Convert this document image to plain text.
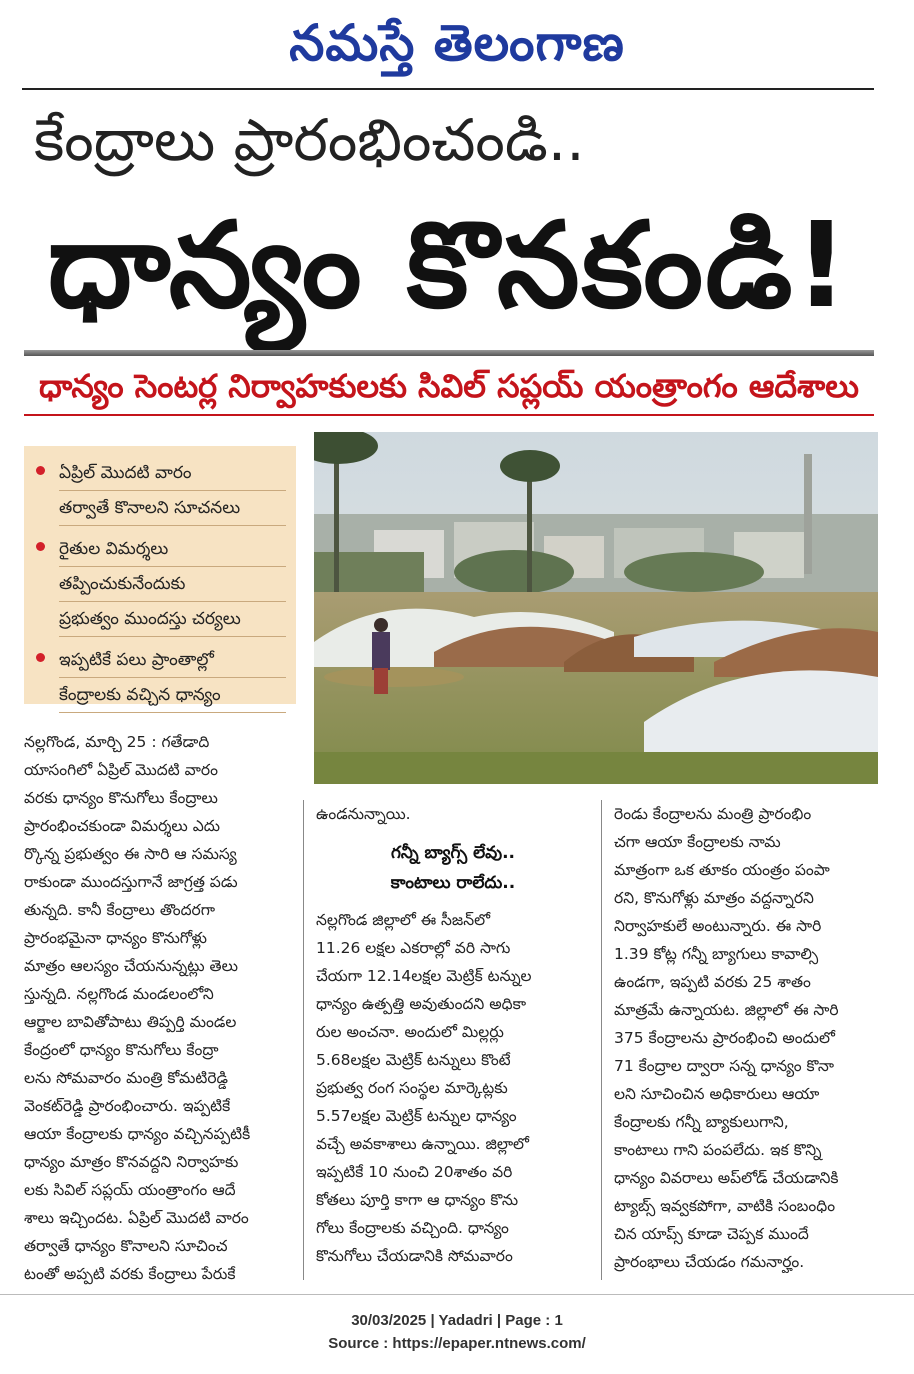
నమస్తే తెలంగాణ
కేంద్రాలు ప్రారంభించండి..
ధాన్యం కొనకండి!
ధాన్యం సెంటర్ల నిర్వాహకులకు సివిల్ సప్లయ్ యంత్రాంగం ఆదేశాలు
ఏప్రిల్ మొదటి వారం
తర్వాతే కొనాలని సూచనలు
రైతుల విమర్శలు
తప్పించుకునేందుకు
ప్రభుత్వం ముందస్తు చర్యలు
ఇప్పటికే పలు ప్రాంతాల్లో
కేంద్రాలకు వచ్చిన ధాన్యం

నల్లగొండ, మార్చి 25 : గతేడాది

యాసంగిలో ఏప్రిల్ మొదటి వారం

వరకు ధాన్యం కొనుగోలు కేంద్రాలు

ప్రారంభించకుండా విమర్శలు ఎదు

ర్కొన్న ప్రభుత్వం ఈ సారి ఆ సమస్య

రాకుండా ముందస్తుగానే జాగ్రత్త పడు

తున్నది. కానీ కేంద్రాలు తొందరగా

ప్రారంభమైనా ధాన్యం కొనుగోళ్లు

మాత్రం ఆలస్యం చేయనున్నట్లు తెలు

స్తున్నది. నల్లగొండ మండలంలోని

ఆర్జాల బావితోపాటు తిప్పర్తి మండల

కేంద్రంలో ధాన్యం కొనుగోలు కేంద్రా

లను సోమవారం మంత్రి కోమటిరెడ్డి

వెంకట్‌రెడ్డి ప్రారంభించారు. ఇప్పటికే

ఆయా కేంద్రాలకు ధాన్యం వచ్చినప్పటికీ

ధాన్యం మాత్రం కొనవద్దని నిర్వాహకు

లకు సివిల్ సప్లయ్ యంత్రాంగం ఆదే

శాలు ఇచ్చిందట. ఏప్రిల్ మొదటి వారం

తర్వాతే ధాన్యం కొనాలని సూచించ

టంతో అప్పటి వరకు కేంద్రాలు పేరుకే

ఉండనున్నాయి.

గన్నీ బ్యాగ్స్ లేవు..
కాంటాలు రాలేదు..

నల్లగొండ జిల్లాలో ఈ సీజన్‌లో

11.26 లక్షల ఎకరాల్లో వరి సాగు

చేయగా 12.14లక్షల మెట్రిక్ టన్నుల

ధాన్యం ఉత్పత్తి అవుతుందని అధికా

రుల అంచనా. అందులో మిల్లర్లు

5.68లక్షల మెట్రిక్ టన్నులు కొంటే

ప్రభుత్వ రంగ సంస్థల మార్కెట్లకు

5.57లక్షల మెట్రిక్ టన్నుల ధాన్యం

వచ్చే అవకాశాలు ఉన్నాయి. జిల్లాలో

ఇప్పటికే 10 నుంచి 20శాతం వరి

కోతలు పూర్తి కాగా ఆ ధాన్యం కొను

గోలు కేంద్రాలకు వచ్చింది. ధాన్యం

కొనుగోలు చేయడానికి సోమవారం

రెండు కేంద్రాలను మంత్రి ప్రారంభిం

చగా ఆయా కేంద్రాలకు నామ

మాత్రంగా ఒక తూకం యంత్రం పంపా

రని, కొనుగోళ్లు మాత్రం వద్దన్నారని

నిర్వాహకులే అంటున్నారు. ఈ సారి

1.39 కోట్ల గన్నీ బ్యాగులు కావాల్సి

ఉండగా, ఇప్పటి వరకు 25 శాతం

మాత్రమే ఉన్నాయట. జిల్లాలో ఈ సారి

375 కేంద్రాలను ప్రారంభించి అందులో

71 కేంద్రాల ద్వారా సన్న ధాన్యం కొనా

లని సూచించిన అధికారులు ఆయా

కేంద్రాలకు గన్నీ బ్యాకులుగాని,

కాంటాలు గాని పంపలేదు. ఇక కొన్ని

ధాన్యం వివరాలు అప్‌లోడ్ చేయడానికి

ట్యాబ్స్ ఇవ్వకపోగా, వాటికి సంబంధిం

చిన యాప్స్ కూడా చెప్పక ముందే

ప్రారంభాలు చేయడం గమనార్హం.

30/03/2025 | Yadadri | Page : 1
Source : https://epaper.ntnews.com/
